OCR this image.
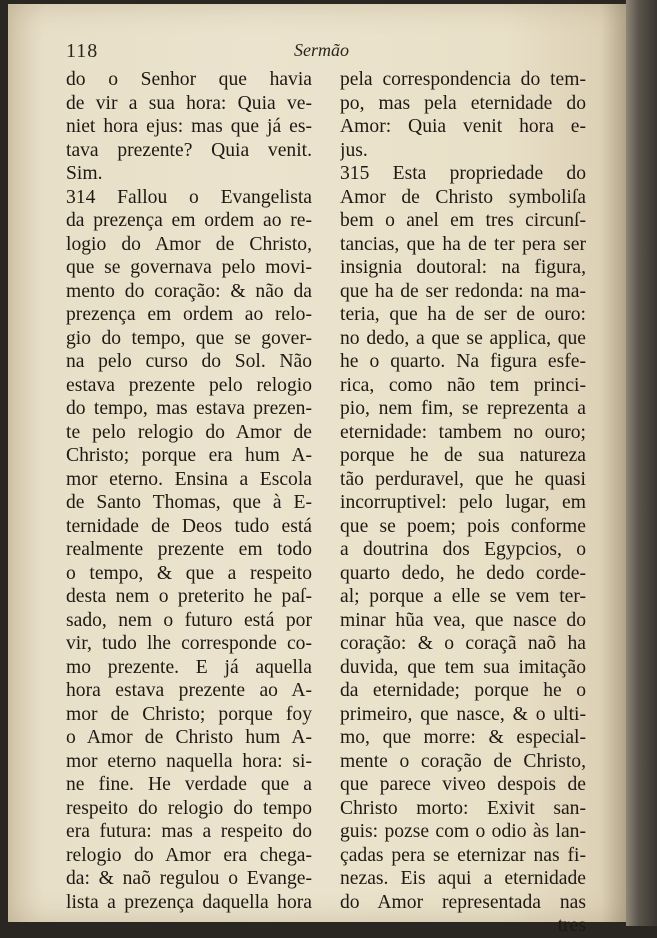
118	Sermão
do o Senhor que havia
de vir a sua hora: Quia ve-
niet hora ejus: mas que já es-
tava prezente? Quia venit.
Sim.
314 Fallou o Evangelista
da prezença em ordem ao re-
logio do Amor de Christo,
que se governava pelo movi-
mento do coração: & não da
prezença em ordem ao relo-
gio do tempo, que se gover-
na pelo curso do Sol. Não
estava prezente pelo relogio
do tempo, mas estava prezen-
te pelo relogio do Amor de
Christo; porque era hum A-
mor eterno. Ensina a Escola
de Santo Thomas, que à E-
ternidade de Deos tudo está
realmente prezente em todo
o tempo, & que a respeito
desta nem o preterito he paſ-
sado, nem o futuro está por
vir, tudo lhe corresponde co-
mo prezente. E já aquella
hora estava prezente ao A-
mor de Christo; porque foy
o Amor de Christo hum A-
mor eterno naquella hora: si-
ne fine. He verdade que a
respeito do relogio do tempo
era futura: mas a respeito do
relogio do Amor era chega-
da: & naõ regulou o Evange-
lista a prezença daquella hora
pela correspondencia do tem-
po, mas pela eternidade do
Amor: Quia venit hora e-
jus.
315 Esta propriedade do
Amor de Christo symboliſa
bem o anel em tres circunſ-
tancias, que ha de ter pera ser
insignia doutoral: na figura,
que ha de ser redonda: na ma-
teria, que ha de ser de ouro:
no dedo, a que se applica, que
he o quarto. Na figura esfe-
rica, como não tem princi-
pio, nem fim, se reprezenta a
eternidade: tambem no ouro;
porque he de sua natureza
tão perduravel, que he quasi
incorruptivel: pelo lugar, em
que se poem; pois conforme
a doutrina dos Egypcios, o
quarto dedo, he dedo corde-
al; porque a elle se vem ter-
minar hũa vea, que nasce do
coração: & o coraçã naõ ha
duvida, que tem sua imitação
da eternidade; porque he o
primeiro, que nasce, & o ulti-
mo, que morre: & especial-
mente o coração de Christo,
que parece viveo despois de
Christo morto: Exivit san-
guis: pozse com o odio às lan-
çadas pera se eternizar nas fi-
nezas. Eis aqui a eternidade
do Amor representada nas
tres
